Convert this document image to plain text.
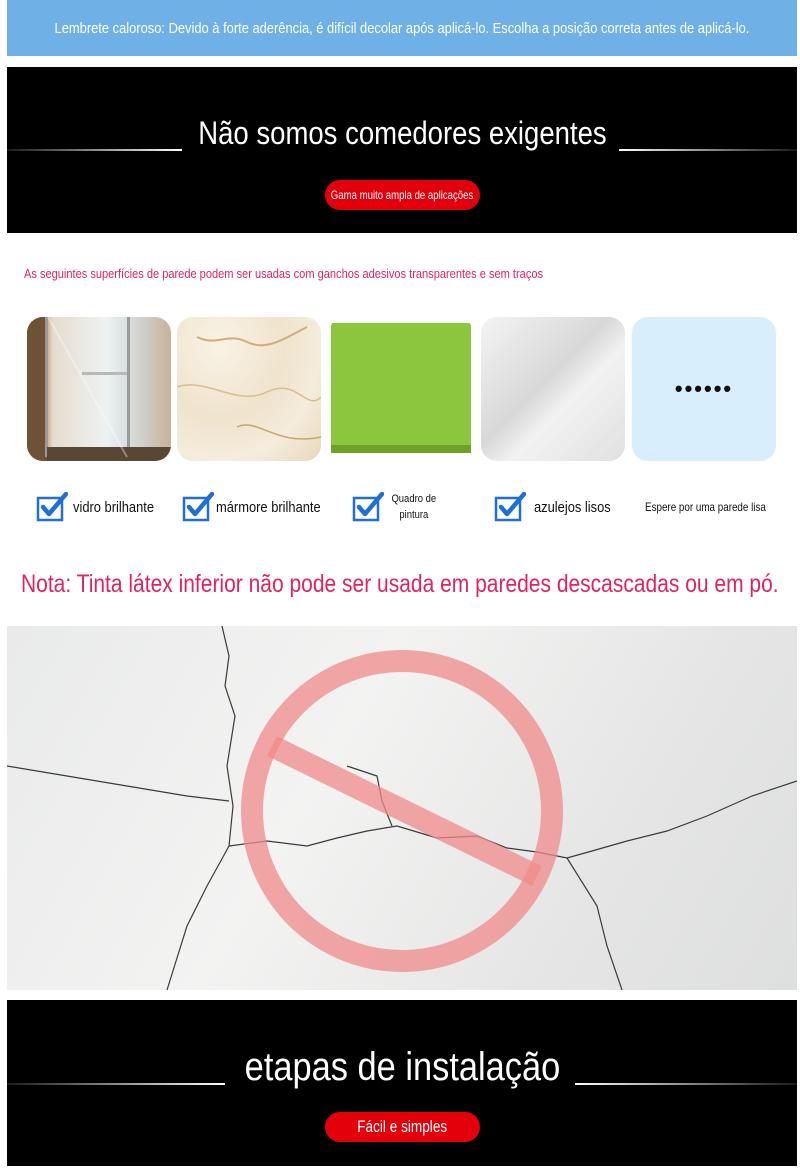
Lembrete caloroso: Devido à forte aderência, é difícil decolar após aplicá-lo. Escolha a posição correta antes de aplicá-lo.
Não somos comedores exigentes
Gama muito ampla de aplicações
As seguintes superfícies de parede podem ser usadas com ganchos adesivos transparentes e sem traços
••••••
vidro brilhante	mármore brilhante	Quadro de pintura	azulejos lisos	Espere por uma parede lisa
Nota: Tinta látex inferior não pode ser usada em paredes descascadas ou em pó.
etapas de instalação
Fácil e simples
